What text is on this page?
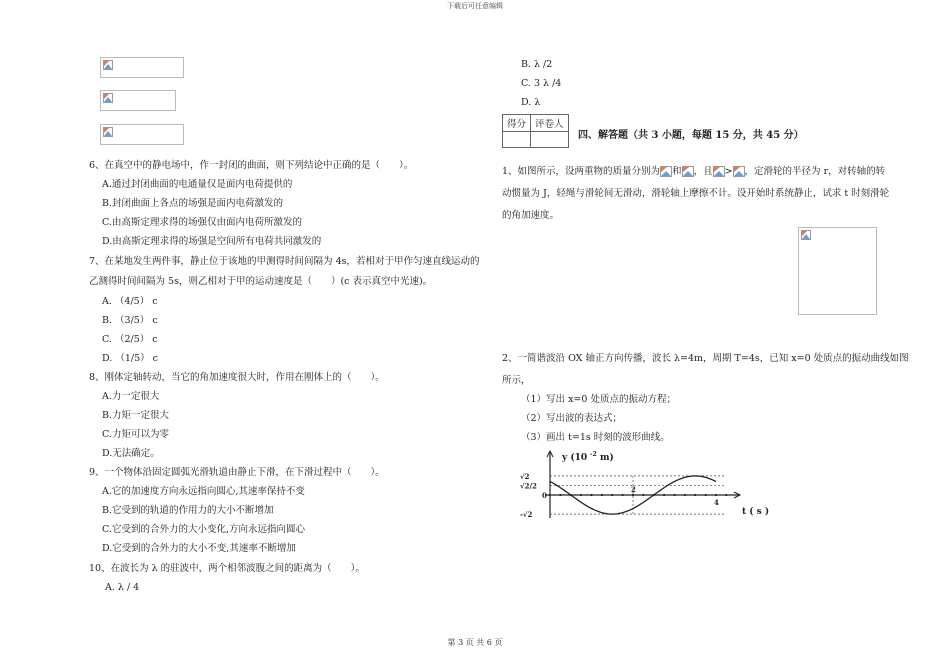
下载后可任意编辑
6、在真空中的静电场中，作一封闭的曲面，则下列结论中正确的是（　　）。
A.通过封闭曲面的电通量仅是面内电荷提供的
B.封闭曲面上各点的场强是面内电荷激发的
C.由高斯定理求得的场强仅由面内电荷所激发的
D.由高斯定理求得的场强是空间所有电荷共同激发的
7、在某地发生两件事，静止位于该地的甲测得时间间隔为 4s，若相对于甲作匀速直线运动的
乙测得时间间隔为 5s，则乙相对于甲的运动速度是（　　）(c 表示真空中光速)。
A. （4/5） c
B. （3/5） c
C. （2/5） c
D. （1/5） c
8、刚体定轴转动，当它的角加速度很大时，作用在刚体上的（　　）。
A.力一定很大
B.力矩一定很大
C.力矩可以为零
D.无法确定。
9、一个物体沿固定圆弧光滑轨道由静止下滑，在下滑过程中（　　）。
A.它的加速度方向永远指向圆心,其速率保持不变
B.它受到的轨道的作用力的大小不断增加
C.它受到的合外力的大小变化,方向永远指向圆心
D.它受到的合外力的大小不变,其速率不断增加
10、在波长为 λ 的驻波中，两个相邻波腹之间的距离为（　　）。
A. λ / 4
B. λ /2
C. 3 λ /4
D. λ
得分	评卷人

四、解答题（共 3 小题，每题 15 分，共 45 分）
1、如图所示，设两重物的质量分别为 和 ，且 > ，定滑轮的半径为 r，对转轴的转
动惯量为 J，轻绳与滑轮间无滑动，滑轮轴上摩擦不计。设开始时系统静止，试求 t 时刻滑轮
的角加速度。
2、一简谐波沿 OX 轴正方向传播，波长 λ=4m，周期 T=4s，已知 x=0 处质点的振动曲线如图
所示，
（1）写出 x=0 处质点的振动方程；
（2）写出波的表达式；
（3）画出 t=1s 时刻的波形曲线。
y (10 -2 m)
√2
√2/2
0
-√2
2
4
t ( s )
第 3 页 共 6 页
